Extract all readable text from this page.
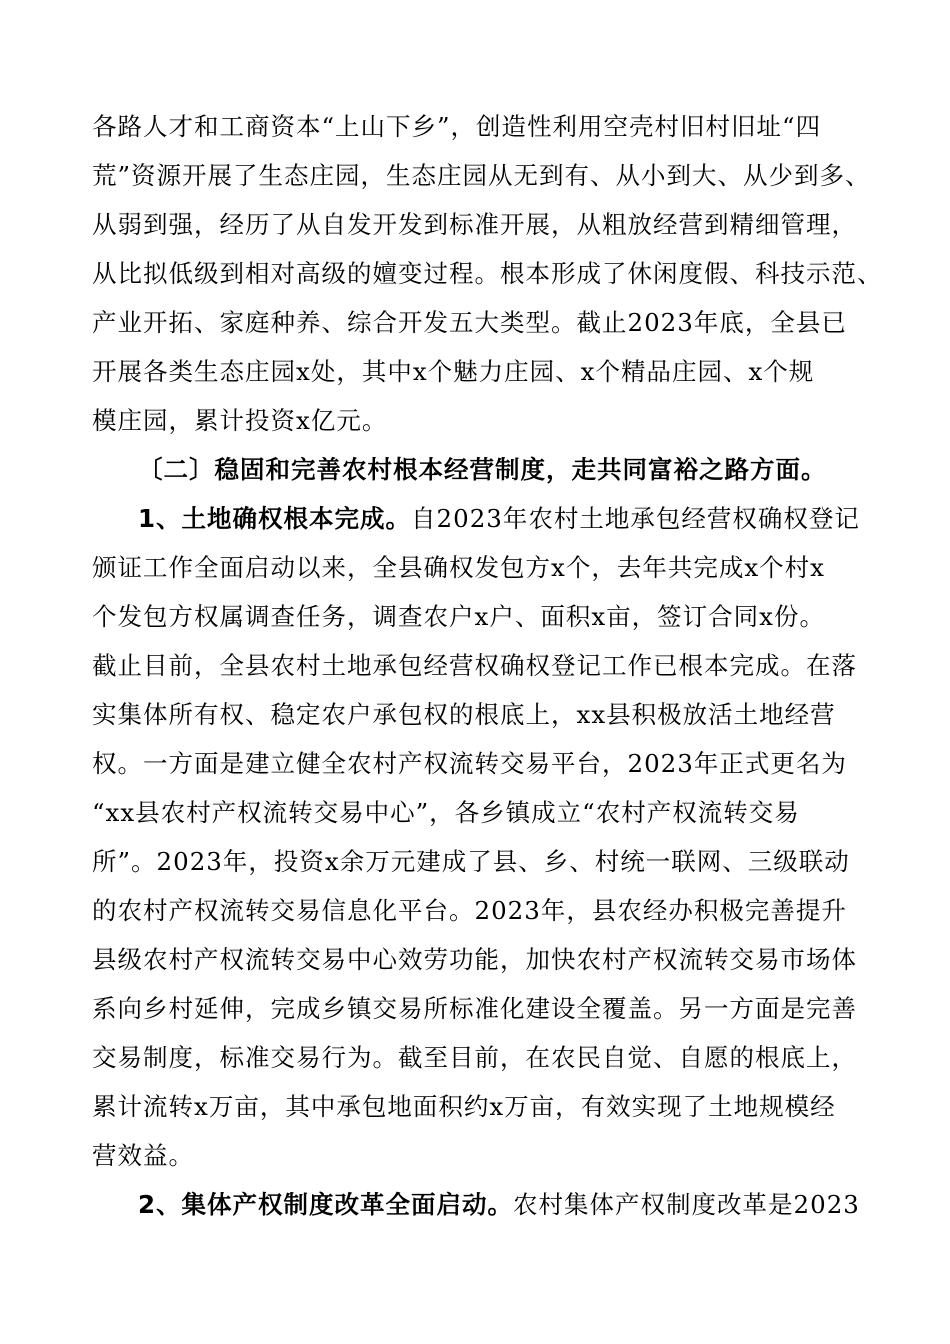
各路人才和工商资本“上山下乡”，创造性利用空壳村旧村旧址“四
荒”资源开展了生态庄园，生态庄园从无到有、从小到大、从少到多、
从弱到强，经历了从自发开发到标准开展，从粗放经营到精细管理，
从比拟低级到相对高级的嬗变过程。根本形成了休闲度假、科技示范、
产业开拓、家庭种养、综合开发五大类型。截止2023年底，全县已
开展各类生态庄园x处，其中x个魅力庄园、x个精品庄园、x个规
模庄园，累计投资x亿元。
〔二〕稳固和完善农村根本经营制度，走共同富裕之路方面。
1、土地确权根本完成。自2023年农村土地承包经营权确权登记
颁证工作全面启动以来，全县确权发包方x个，去年共完成x个村x
个发包方权属调查任务，调查农户x户、面积x亩，签订合同x份。
截止目前，全县农村土地承包经营权确权登记工作已根本完成。在落
实集体所有权、稳定农户承包权的根底上，xx县积极放活土地经营
权。一方面是建立健全农村产权流转交易平台，2023年正式更名为
“xx县农村产权流转交易中心”，各乡镇成立“农村产权流转交易
所”。2023年，投资x余万元建成了县、乡、村统一联网、三级联动
的农村产权流转交易信息化平台。2023年，县农经办积极完善提升
县级农村产权流转交易中心效劳功能，加快农村产权流转交易市场体
系向乡村延伸，完成乡镇交易所标准化建设全覆盖。另一方面是完善
交易制度，标准交易行为。截至目前，在农民自觉、自愿的根底上，
累计流转x万亩，其中承包地面积约x万亩，有效实现了土地规模经
营效益。
2、集体产权制度改革全面启动。农村集体产权制度改革是2023
